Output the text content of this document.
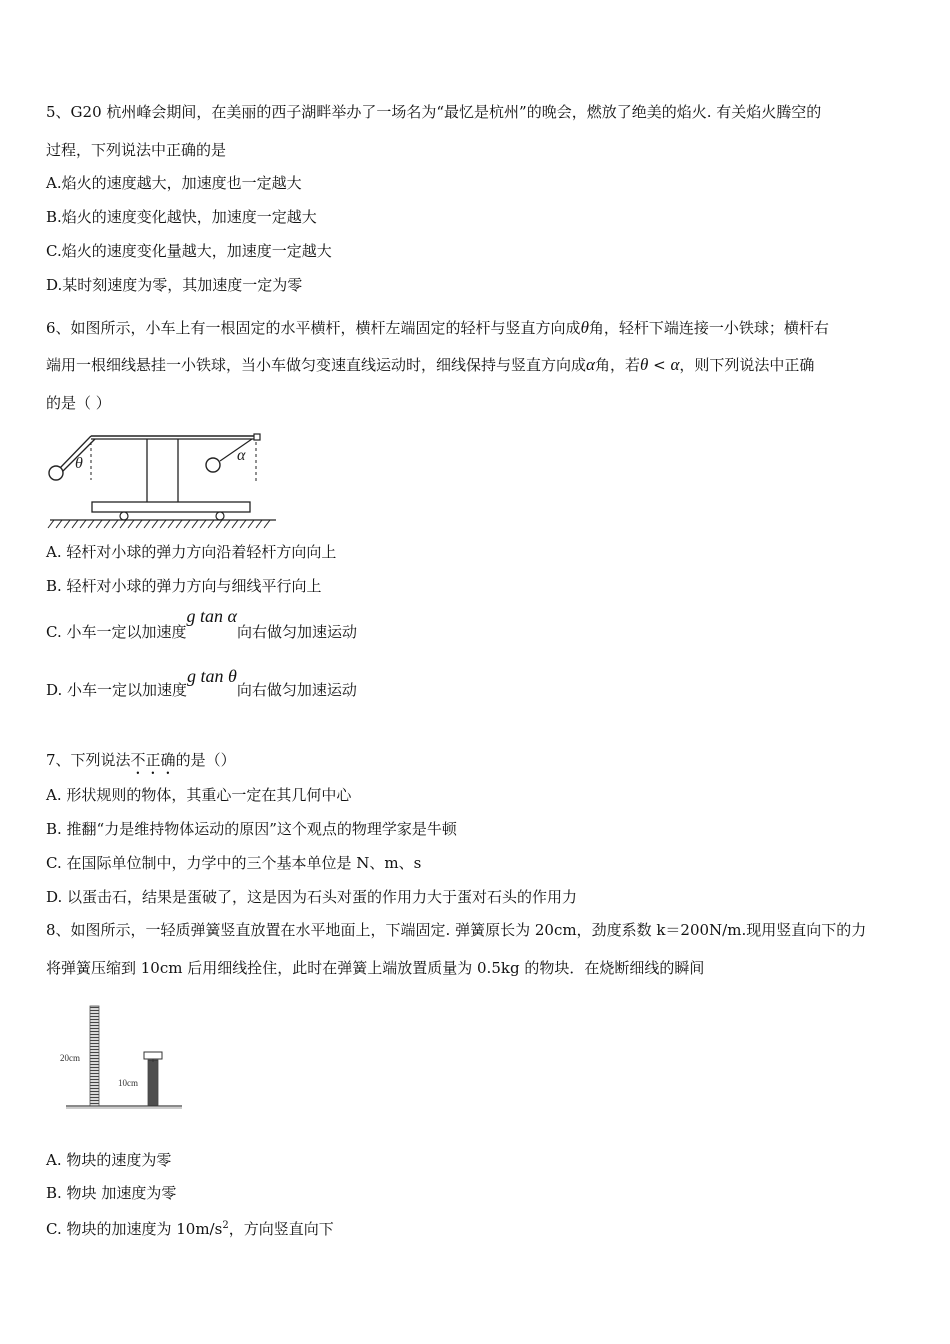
5、G20 杭州峰会期间，在美丽的西子湖畔举办了一场名为“最忆是杭州”的晚会，燃放了绝美的焰火. 有关焰火腾空的
过程，下列说法中正确的是
A.焰火的速度越大，加速度也一定越大
B.焰火的速度变化越快，加速度一定越大
C.焰火的速度变化量越大，加速度一定越大
D.某时刻速度为零，其加速度一定为零
6、如图所示，小车上有一根固定的水平横杆，横杆左端固定的轻杆与竖直方向成θ角，轻杆下端连接一小铁球；横杆右
端用一根细线悬挂一小铁球，当小车做匀变速直线运动时，细线保持与竖直方向成α角，若θ < α，则下列说法中正确
的是（ ）
θ	α
A. 轻杆对小球的弹力方向沿着轻杆方向向上
B. 轻杆对小球的弹力方向与细线平行向上
C. 小车一定以加速度g tan α向右做匀加速运动
D. 小车一定以加速度g tan θ向右做匀加速运动
7、下列说法不正确的是（）
A. 形状规则的物体，其重心一定在其几何中心
B. 推翻“力是维持物体运动的原因”这个观点的物理学家是牛顿
C. 在国际单位制中，力学中的三个基本单位是 N、m、s
D. 以蛋击石，结果是蛋破了，这是因为石头对蛋的作用力大于蛋对石头的作用力
8、如图所示，一轻质弹簧竖直放置在水平地面上，下端固定. 弹簧原长为 20cm，劲度系数 k＝200N/m.现用竖直向下的力
将弹簧压缩到 10cm 后用细线拴住，此时在弹簧上端放置质量为 0.5kg 的物块．在烧断细线的瞬间
20cm
10cm
A. 物块的速度为零
B. 物块 加速度为零
C. 物块的加速度为 $10m/s^2$，方向竖直向下
